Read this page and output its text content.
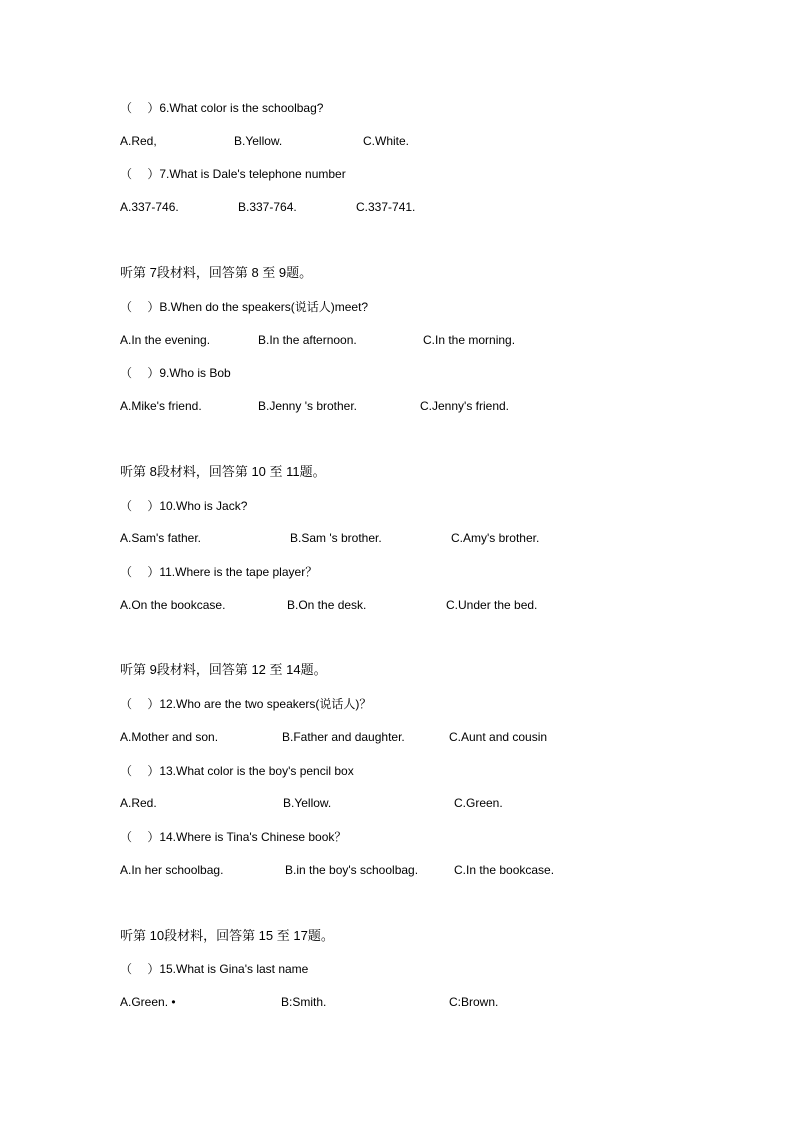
（　 ）6.What color is the schoolbag?
A.Red,	B.Yellow.	C.White.
（　 ）7.What is Dale's telephone number
A.337-746.	B.337-764.	C.337-741.
听第 7段材料，回答第 8 至 9题。
（　 ）B.When do the speakers(说话人)meet?
A.In the evening.	B.In the afternoon.	C.In the morning.
（　 ）9.Who is Bob
A.Mike's friend.	B.Jenny 's brother.	C.Jenny's friend.
听第 8段材料，回答第 10 至 11题。
（　 ）10.Who is Jack?
A.Sam's father.	B.Sam 's brother.	C.Amy's brother.
（　 ）11.Where is the tape player？
A.On the bookcase.	B.On the desk.	C.Under the bed.
听第 9段材料，回答第 12 至 14题。
（　 ）12.Who are the two speakers(说话人)？
A.Mother and son.	B.Father and daughter.	C.Aunt and cousin
（　 ）13.What color is the boy's pencil box
A.Red.	B.Yellow.	C.Green.
（　 ）14.Where is Tina's Chinese book？
A.In her schoolbag.	B.in the boy's schoolbag.	C.In the bookcase.
听第 10段材料，回答第 15 至 17题。
（　 ）15.What is Gina's last name
A.Green. •	B:Smith.	C:Brown.
